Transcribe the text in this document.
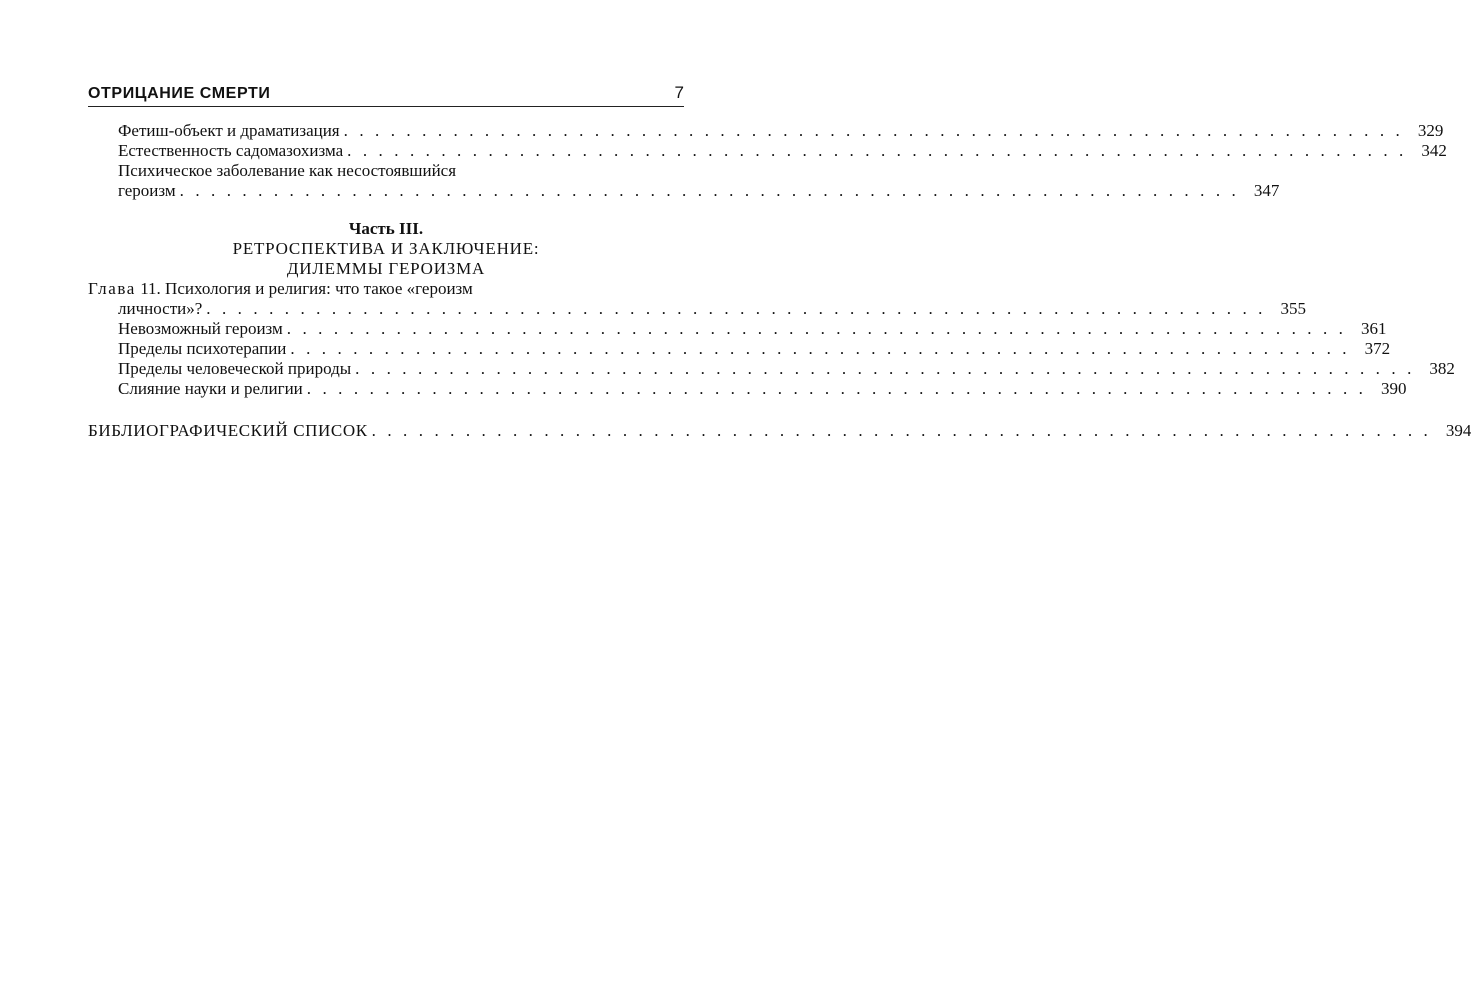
ОТРИЦАНИЕ СМЕРТИ	7
Фетиш-объект и драматизация . . . . . . . . . . . . . . . . . . . . . . . . . . . . . . . . . . . . . . . . . . . . . . . . . . . . . . . . . . . . . . . . . . . . 329
Естественность садомазохизма . . . . . . . . . . . . . . . . . . . . . . . . . . . . . . . . . . . . . . . . . . . . . . . . . . . . . . . . . . . . . . . . . . . . 342
Психическое заболевание как несостоявшийся
героизм . . . . . . . . . . . . . . . . . . . . . . . . . . . . . . . . . . . . . . . . . . . . . . . . . . . . . . . . . . . . . . . . . . . . 347
Часть III.
РЕТРОСПЕКТИВА И ЗАКЛЮЧЕНИЕ:
ДИЛЕММЫ ГЕРОИЗМА
Глава 11. Психология и религия: что такое «героизм
личности»? . . . . . . . . . . . . . . . . . . . . . . . . . . . . . . . . . . . . . . . . . . . . . . . . . . . . . . . . . . . . . . . . . . . . 355
Невозможный героизм . . . . . . . . . . . . . . . . . . . . . . . . . . . . . . . . . . . . . . . . . . . . . . . . . . . . . . . . . . . . . . . . . . . . 361
Пределы психотерапии . . . . . . . . . . . . . . . . . . . . . . . . . . . . . . . . . . . . . . . . . . . . . . . . . . . . . . . . . . . . . . . . . . . . 372
Пределы человеческой природы . . . . . . . . . . . . . . . . . . . . . . . . . . . . . . . . . . . . . . . . . . . . . . . . . . . . . . . . . . . . . . . . . . . . 382
Слияние науки и религии . . . . . . . . . . . . . . . . . . . . . . . . . . . . . . . . . . . . . . . . . . . . . . . . . . . . . . . . . . . . . . . . . . . . 390
БИБЛИОГРАФИЧЕСКИЙ СПИСОК . . . . . . . . . . . . . . . . . . . . . . . . . . . . . . . . . . . . . . . . . . . . . . . . . . . . . . . . . . . . . . . . . . . . 394
